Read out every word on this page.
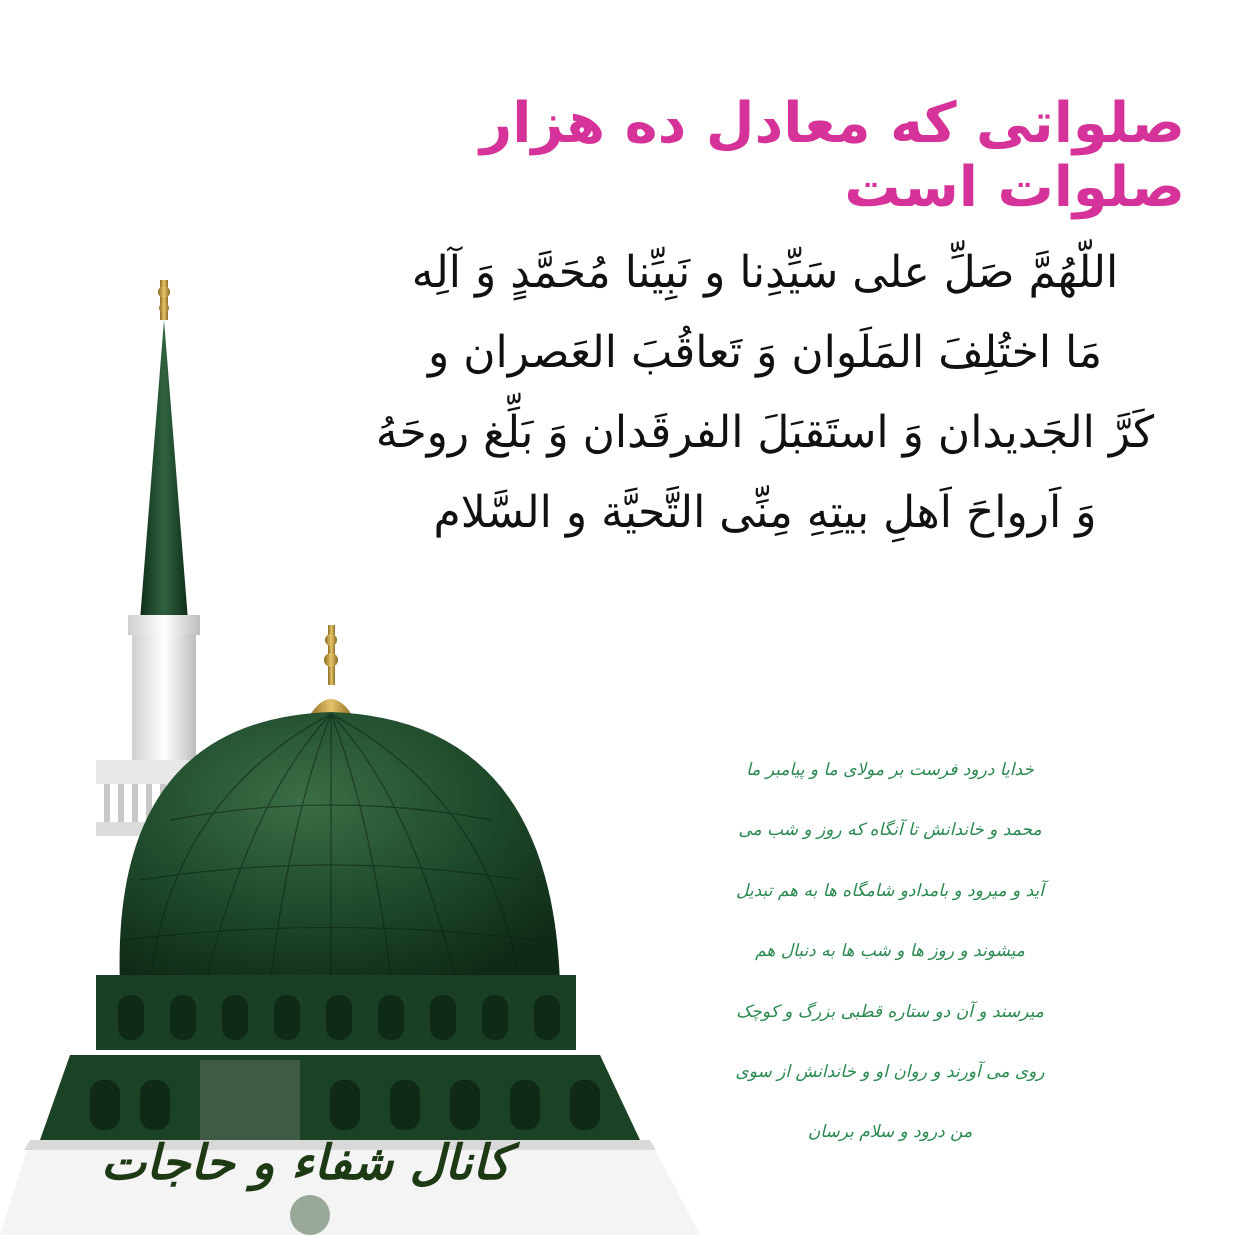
صلواتی که معادل ده هزار صلوات است
اللّهُمَّ صَلِّ علی سَیِّدِنا و نَبِیِّنا مُحَمَّدٍ وَ آلِه
مَا اختُلِفَ المَلَوان وَ تَعاقُبَ العَصران و
کَرَّ الجَدیدان وَ استَقبَلَ الفرقَدان وَ بَلِّغ روحَهُ
وَ اَرواحَ اَهلِ بیتِهِ مِنِّی التَّحیَّة و السَّلام
خدایا درود فرست بر مولای ما و پیامبر ما
محمد و خاندانش تا آنگاه که روز و شب می
آید و میرود و بامدادو شامگاه ها به هم تبدیل
میشوند و روز ها و شب ها به دنبال هم
میرسند و آن دو ستاره قطبی بزرگ و کوچک
روی می آورند و روان او و خاندانش از سوی
من درود و سلام برسان
کانال شفاء و حاجات
